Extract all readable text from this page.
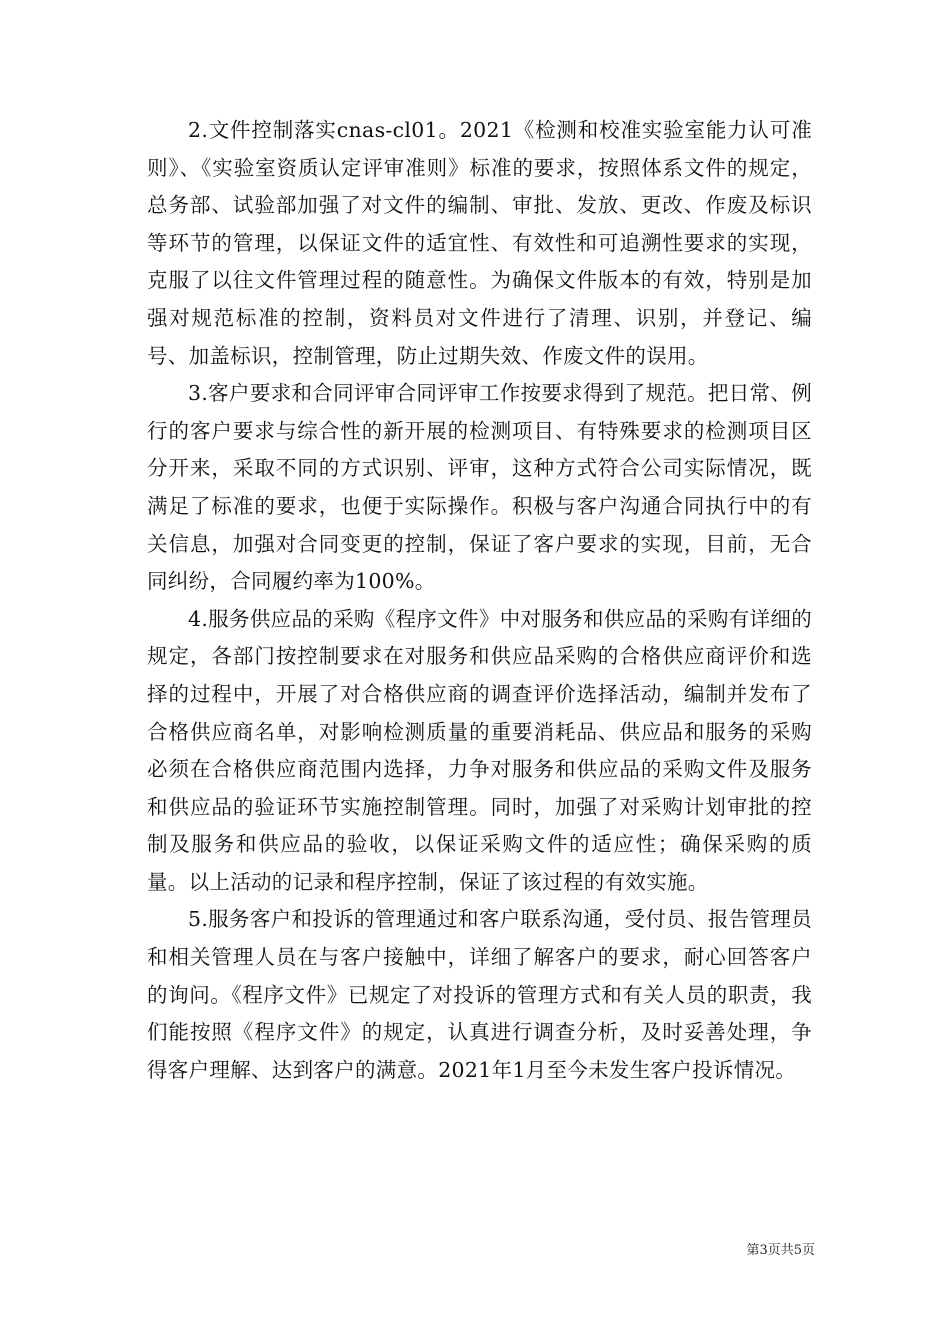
2.文件控制落实cnas-cl01。2021《检测和校准实验室能力认可准则》、《实验室资质认定评审准则》标准的要求，按照体系文件的规定，总务部、试验部加强了对文件的编制、审批、发放、更改、作废及标识等环节的管理，以保证文件的适宜性、有效性和可追溯性要求的实现，克服了以往文件管理过程的随意性。为确保文件版本的有效，特别是加强对规范标准的控制，资料员对文件进行了清理、识别，并登记、编号、加盖标识，控制管理，防止过期失效、作废文件的误用。

3.客户要求和合同评审合同评审工作按要求得到了规范。把日常、例行的客户要求与综合性的新开展的检测项目、有特殊要求的检测项目区分开来，采取不同的方式识别、评审，这种方式符合公司实际情况，既满足了标准的要求，也便于实际操作。积极与客户沟通合同执行中的有关信息，加强对合同变更的控制，保证了客户要求的实现，目前，无合同纠纷，合同履约率为100%。

4.服务供应品的采购《程序文件》中对服务和供应品的采购有详细的规定，各部门按控制要求在对服务和供应品采购的合格供应商评价和选择的过程中，开展了对合格供应商的调查评价选择活动，编制并发布了合格供应商名单，对影响检测质量的重要消耗品、供应品和服务的采购必须在合格供应商范围内选择，力争对服务和供应品的采购文件及服务和供应品的验证环节实施控制管理。同时，加强了对采购计划审批的控制及服务和供应品的验收，以保证采购文件的适应性；确保采购的质量。以上活动的记录和程序控制，保证了该过程的有效实施。

5.服务客户和投诉的管理通过和客户联系沟通，受付员、报告管理员和相关管理人员在与客户接触中，详细了解客户的要求，耐心回答客户的询问。《程序文件》已规定了对投诉的管理方式和有关人员的职责，我们能按照《程序文件》的规定，认真进行调查分析，及时妥善处理，争得客户理解、达到客户的满意。2021年1月至今未发生客户投诉情况。

第3页共5页
